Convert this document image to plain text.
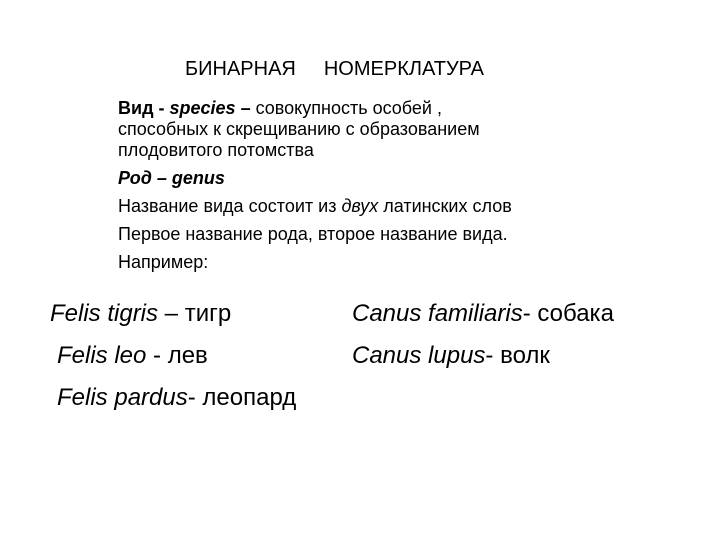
БИНАРНАЯ НОМЕРКЛАТУРА

Вид - species – совокупность особей ,

способных к скрещиванию с образованием

плодовитого потомства

Род – genus

Название вида состоит из двух латинских слов

Первое название рода, второе название вида.

Например:

Felis tigris – тигр
Felis leo - лев
Felis pardus- леопард
Canus familiaris- собака
Canus lupus- волк
